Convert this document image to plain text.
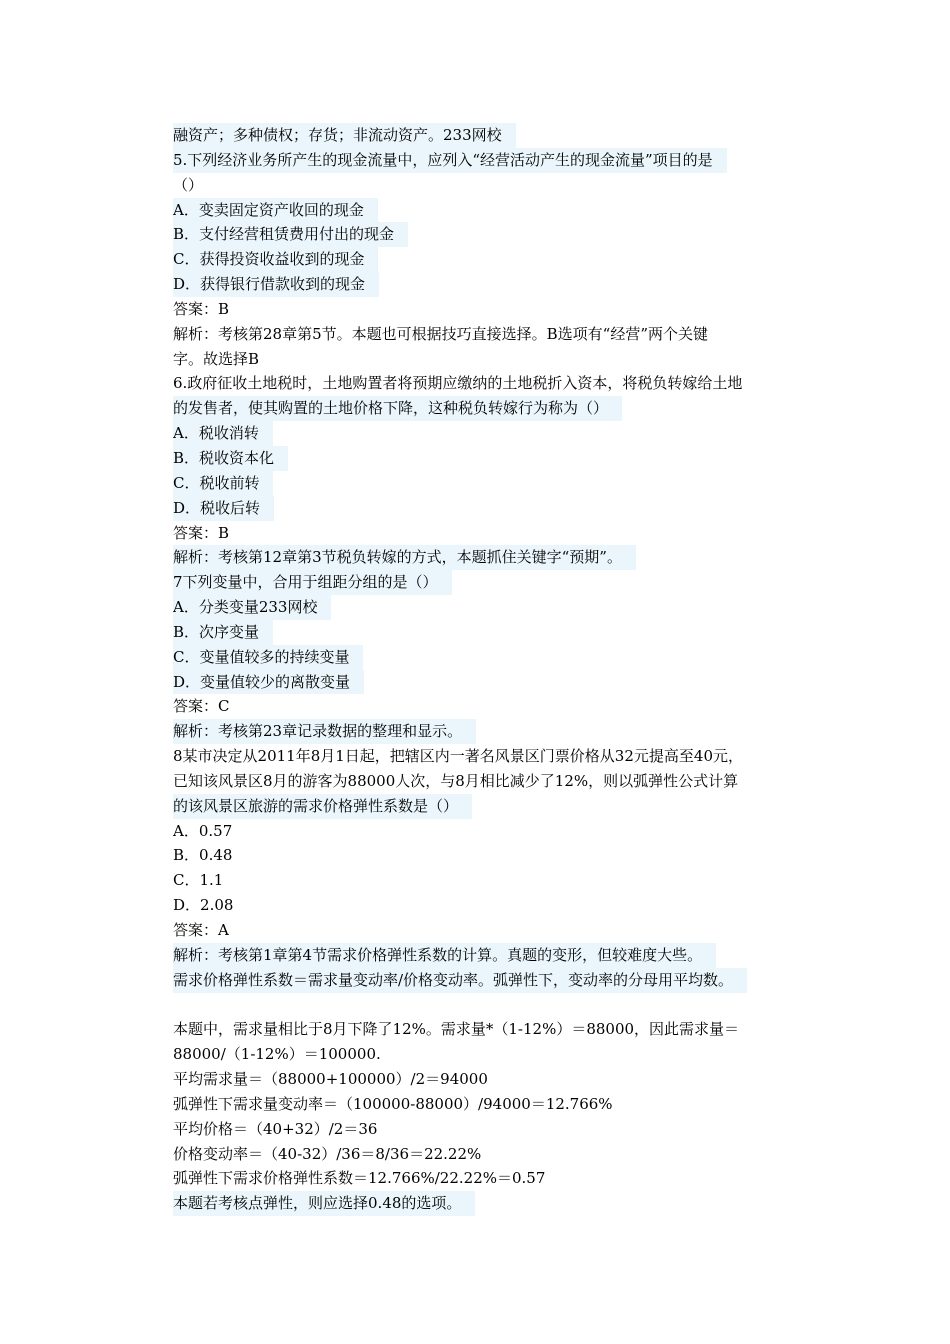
融资产；多种债权；存货；非流动资产。233网校
5.下列经济业务所产生的现金流量中，应列入“经营活动产生的现金流量”项目的是
（）
A．变卖固定资产收回的现金
B．支付经营租赁费用付出的现金
C．获得投资收益收到的现金
D．获得银行借款收到的现金
答案：B
解析：考核第28章第5节。本题也可根据技巧直接选择。B选项有“经营”两个关键
字。故选择B
6.政府征收土地税时，土地购置者将预期应缴纳的土地税折入资本，将税负转嫁给土地
的发售者，使其购置的土地价格下降，这种税负转嫁行为称为（）
A．税收消转
B．税收资本化
C．税收前转
D．税收后转
答案：B
解析：考核第12章第3节税负转嫁的方式，本题抓住关键字“预期”。
7下列变量中，合用于组距分组的是（）
A．分类变量233网校
B．次序变量
C．变量值较多的持续变量
D．变量值较少的离散变量
答案：C
解析：考核第23章记录数据的整理和显示。
8某市决定从2011年8月1日起，把辖区内一著名风景区门票价格从32元提高至40元，
已知该风景区8月的游客为88000人次，与8月相比减少了12%，则以弧弹性公式计算
的该风景区旅游的需求价格弹性系数是（）
A．0.57
B．0.48
C．1.1
D．2.08
答案：A
解析：考核第1章第4节需求价格弹性系数的计算。真题的变形，但较难度大些。
需求价格弹性系数＝需求量变动率/价格变动率。弧弹性下，变动率的分母用平均数。
本题中，需求量相比于8月下降了12%。需求量*（1-12%）＝88000，因此需求量＝
88000/（1-12%）＝100000.
平均需求量＝（88000+100000）/2＝94000
弧弹性下需求量变动率＝（100000-88000）/94000＝12.766%
平均价格＝（40+32）/2＝36
价格变动率＝（40-32）/36＝8/36＝22.22%
弧弹性下需求价格弹性系数＝12.766%/22.22%＝0.57
本题若考核点弹性，则应选择0.48的选项。
